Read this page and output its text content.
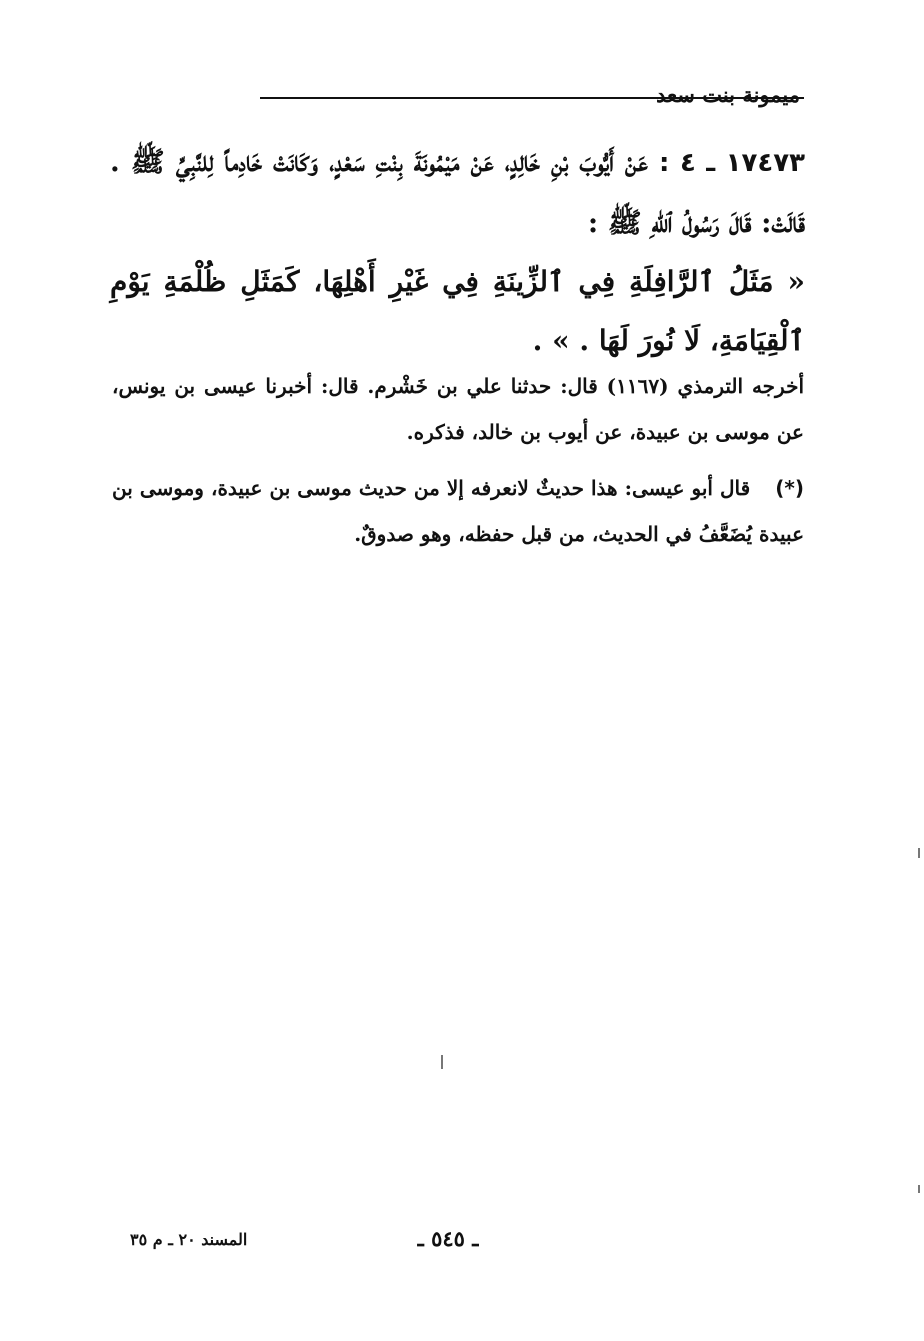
ميمونة بنت سعد

١٧٤٧٣ ـ ٤ : عَنْ أَيُّوبَ بْنِ خَالِدٍ، عَنْ مَيْمُونَةَ بِنْتِ سَعْدٍ، وَكَانَتْ خَادِماً لِلنَّبِيِّ ﷺ . قَالَتْ: قَالَ رَسُولُ ٱللهِ ﷺ :

« مَثَلُ ٱلرَّافِلَةِ فِي ٱلزِّينَةِ فِي غَيْرِ أَهْلِهَا، كَمَثَلِ ظُلْمَةِ يَوْمِ ٱلْقِيَامَةِ، لَا نُورَ لَهَا . » .

أخرجه الترمذي (١١٦٧) قال: حدثنا علي بن خَشْرم. قال: أخبرنا عيسى بن يونس، عن موسى بن عبيدة، عن أيوب بن خالد، فذكره.

(*) قال أبو عيسى: هذا حديثٌ لانعرفه إلا من حديث موسى بن عبيدة، وموسى بن عبيدة يُضَعَّفُ في الحديث، من قبل حفظه، وهو صدوقٌ.

ـ ٥٤٥ ـ
المسند ٢٠ ـ م ٣٥
